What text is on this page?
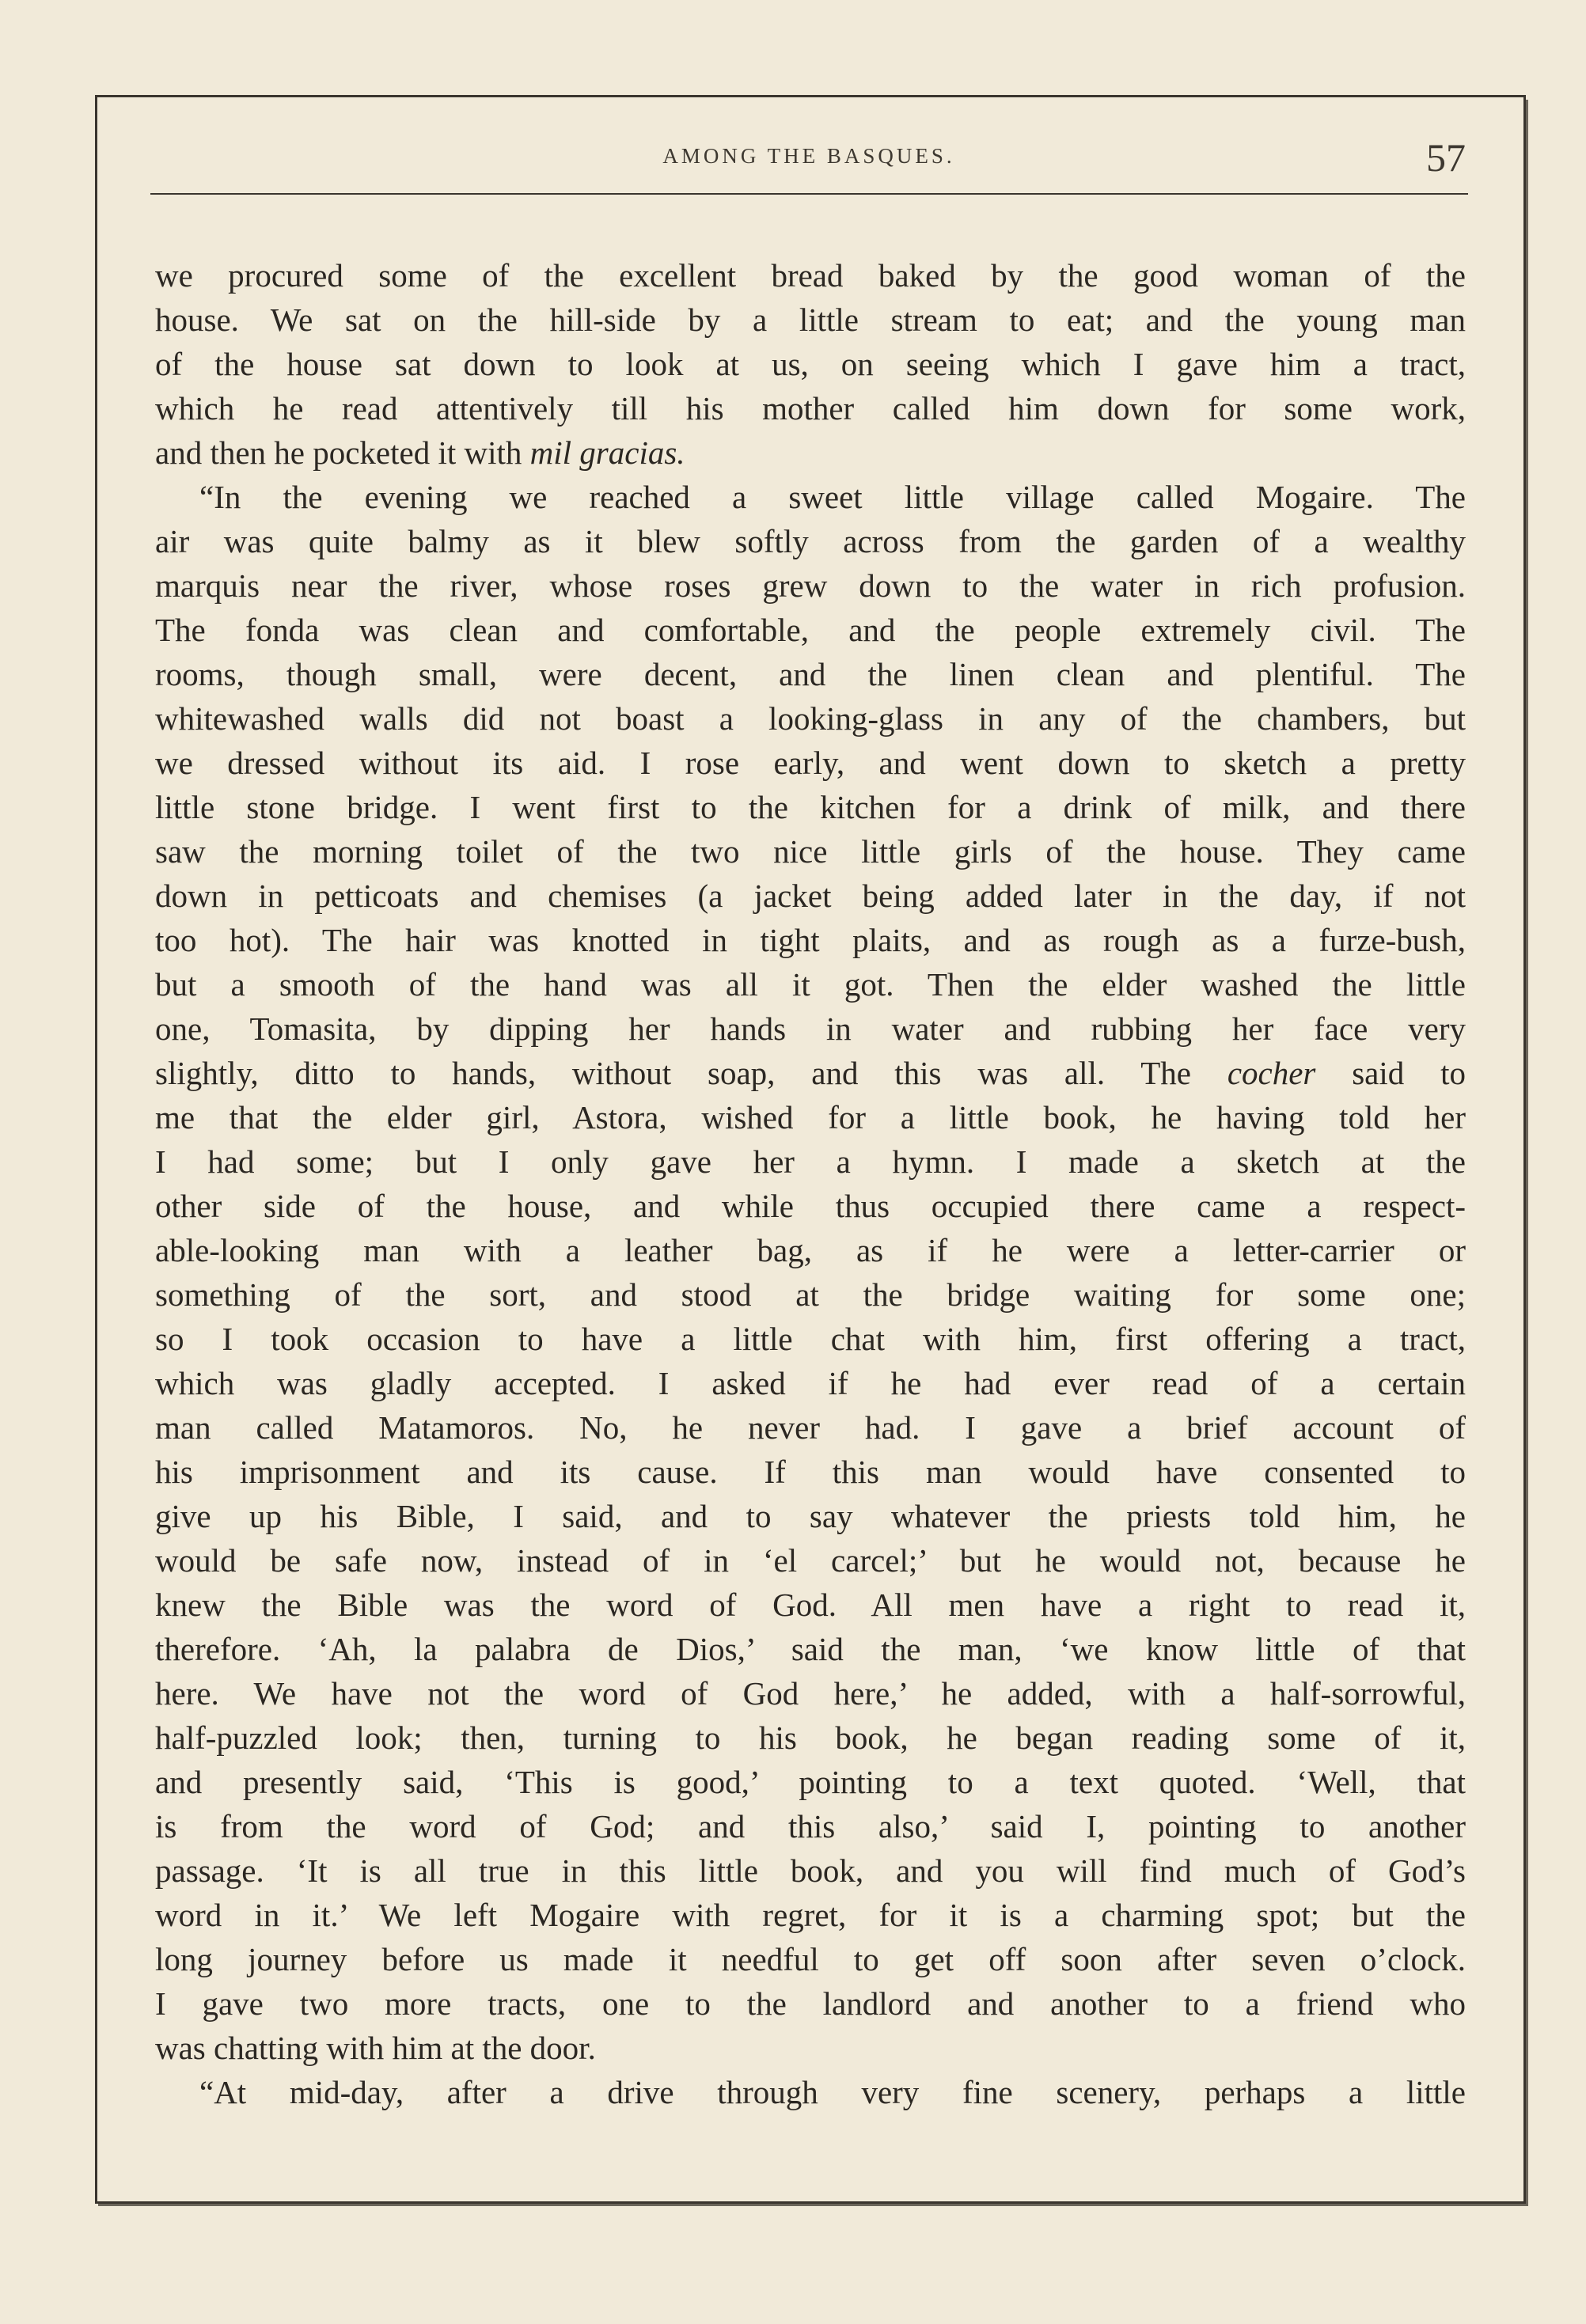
AMONG THE BASQUES.	57
we procured some of the excellent bread baked by the good woman of the
house. We sat on the hill-side by a little stream to eat; and the young man
of the house sat down to look at us, on seeing which I gave him a tract,
which he read attentively till his mother called him down for some work,
and then he pocketed it with mil gracias.
“In the evening we reached a sweet little village called Mogaire. The
air was quite balmy as it blew softly across from the garden of a wealthy
marquis near the river, whose roses grew down to the water in rich profusion.
The fonda was clean and comfortable, and the people extremely civil. The
rooms, though small, were decent, and the linen clean and plentiful. The
whitewashed walls did not boast a looking-glass in any of the chambers, but
we dressed without its aid. I rose early, and went down to sketch a pretty
little stone bridge. I went first to the kitchen for a drink of milk, and there
saw the morning toilet of the two nice little girls of the house. They came
down in petticoats and chemises (a jacket being added later in the day, if not
too hot). The hair was knotted in tight plaits, and as rough as a furze-bush,
but a smooth of the hand was all it got. Then the elder washed the little
one, Tomasita, by dipping her hands in water and rubbing her face very
slightly, ditto to hands, without soap, and this was all. The cocher said to
me that the elder girl, Astora, wished for a little book, he having told her
I had some; but I only gave her a hymn. I made a sketch at the
other side of the house, and while thus occupied there came a respect-
able-looking man with a leather bag, as if he were a letter-carrier or
something of the sort, and stood at the bridge waiting for some one;
so I took occasion to have a little chat with him, first offering a tract,
which was gladly accepted. I asked if he had ever read of a certain
man called Matamoros. No, he never had. I gave a brief account of
his imprisonment and its cause. If this man would have consented to
give up his Bible, I said, and to say whatever the priests told him, he
would be safe now, instead of in ‘el carcel;’ but he would not, because he
knew the Bible was the word of God. All men have a right to read it,
therefore. ‘Ah, la palabra de Dios,’ said the man, ‘we know little of that
here. We have not the word of God here,’ he added, with a half-sorrowful,
half-puzzled look; then, turning to his book, he began reading some of it,
and presently said, ‘This is good,’ pointing to a text quoted. ‘Well, that
is from the word of God; and this also,’ said I, pointing to another
passage. ‘It is all true in this little book, and you will find much of God’s
word in it.’ We left Mogaire with regret, for it is a charming spot; but the
long journey before us made it needful to get off soon after seven o’clock.
I gave two more tracts, one to the landlord and another to a friend who
was chatting with him at the door.
“At mid-day, after a drive through very fine scenery, perhaps a little
